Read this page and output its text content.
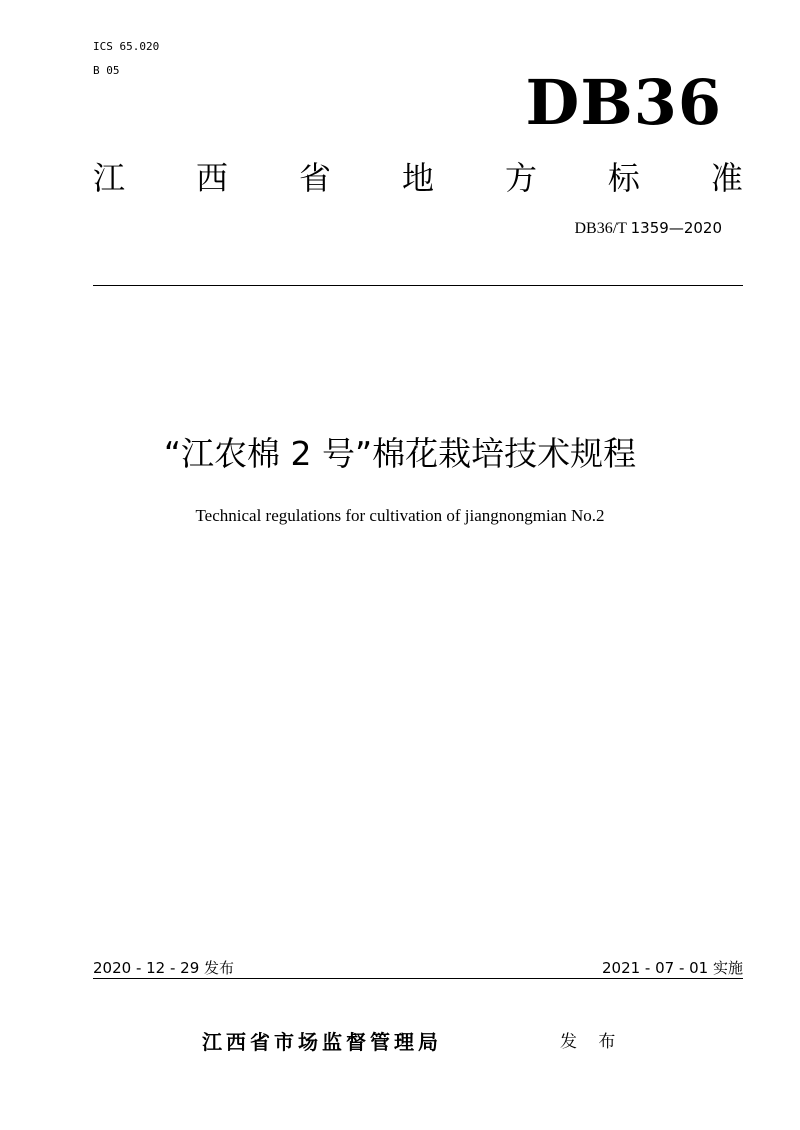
ICS 65.020
B 05	DB36
江 西 省 地 方 标 准
DB36/T 1359—2020
“江农棉 2 号”棉花栽培技术规程
Technical regulations for cultivation of jiangnongmian No.2
2020 - 12 - 29 发布	2021 - 07 - 01 实施
江西省市场监督管理局	发 布
